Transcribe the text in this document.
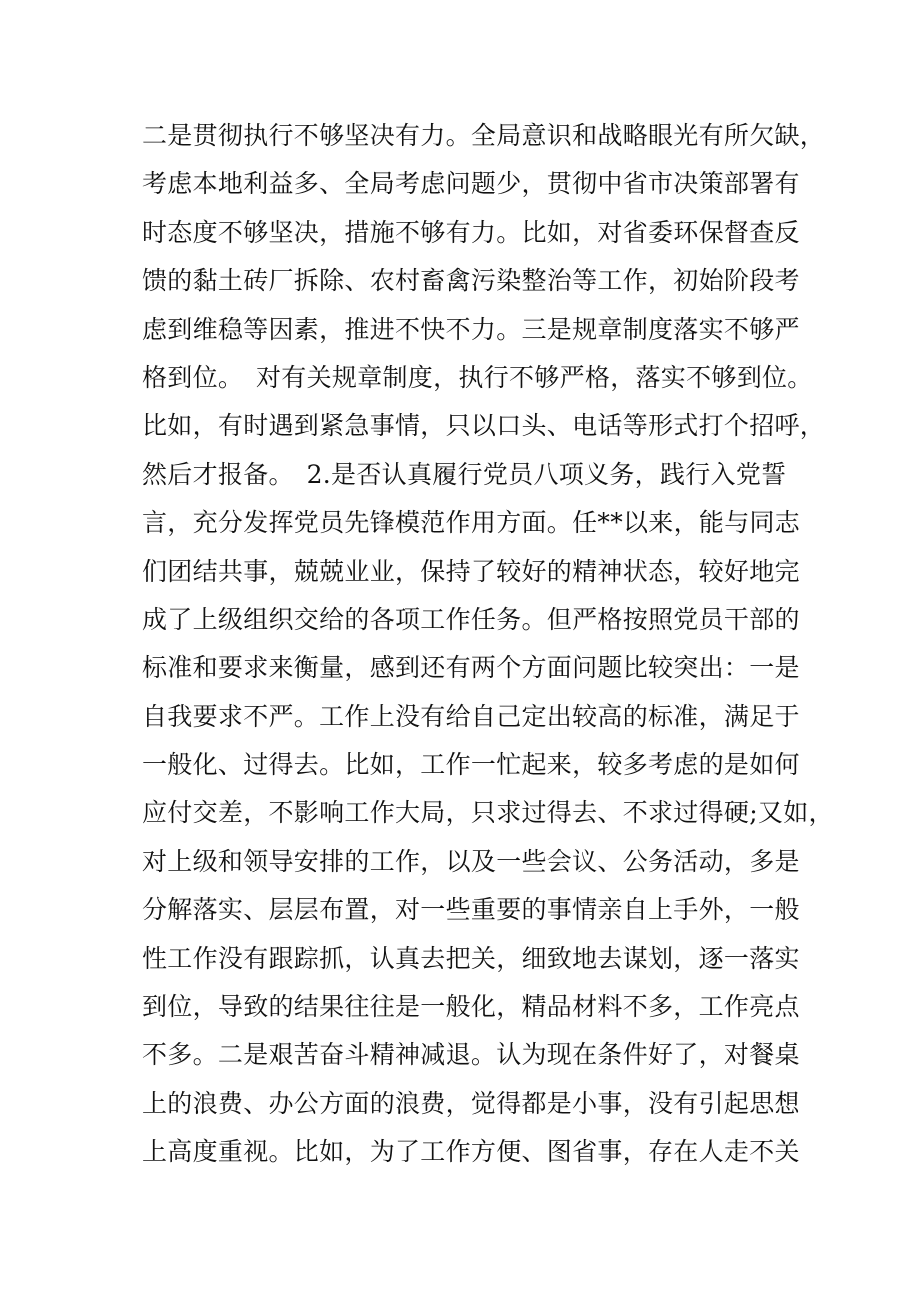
二是贯彻执行不够坚决有力。全局意识和战略眼光有所欠缺，
考虑本地利益多、全局考虑问题少，贯彻中省市决策部署有
时态度不够坚决，措施不够有力。比如，对省委环保督查反
馈的黏土砖厂拆除、农村畜禽污染整治等工作，初始阶段考
虑到维稳等因素，推进不快不力。三是规章制度落实不够严
格到位。　对有关规章制度，执行不够严格，落实不够到位。
比如，有时遇到紧急事情，只以口头、电话等形式打个招呼，
然后才报备。　2.是否认真履行党员八项义务，践行入党誓
言，充分发挥党员先锋模范作用方面。任**以来，能与同志
们团结共事，兢兢业业，保持了较好的精神状态，较好地完
成了上级组织交给的各项工作任务。但严格按照党员干部的
标准和要求来衡量，感到还有两个方面问题比较突出：一是
自我要求不严。工作上没有给自己定出较高的标准，满足于
一般化、过得去。比如，工作一忙起来，较多考虑的是如何
应付交差，不影响工作大局，只求过得去、不求过得硬;又如，
对上级和领导安排的工作，以及一些会议、公务活动，多是
分解落实、层层布置，对一些重要的事情亲自上手外，一般
性工作没有跟踪抓，认真去把关，细致地去谋划，逐一落实
到位，导致的结果往往是一般化，精品材料不多，工作亮点
不多。二是艰苦奋斗精神减退。认为现在条件好了，对餐桌
上的浪费、办公方面的浪费，觉得都是小事，没有引起思想
上高度重视。比如，为了工作方便、图省事，存在人走不关
